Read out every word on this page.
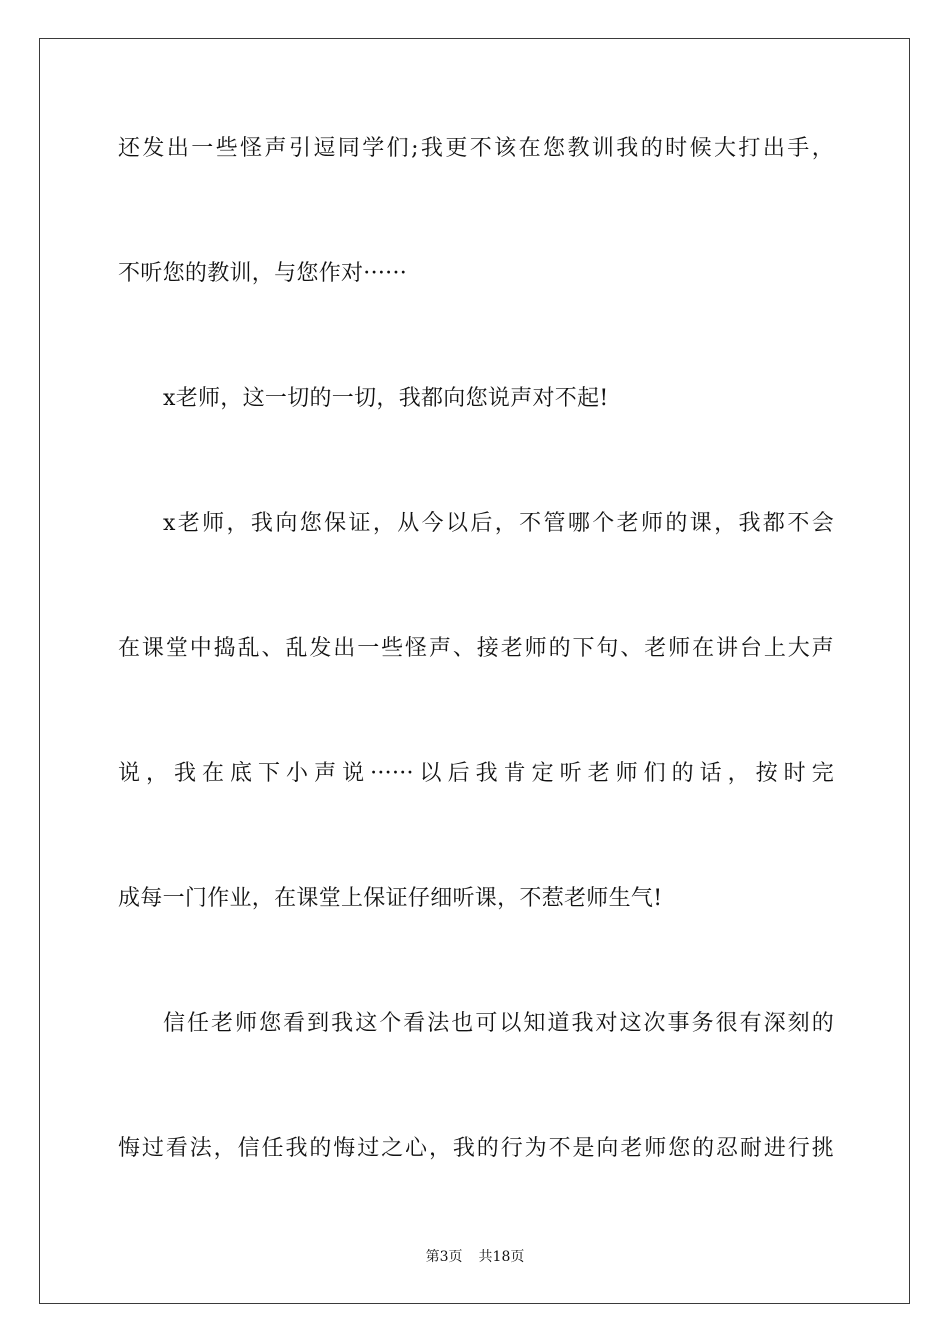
还发出一些怪声引逗同学们;我更不该在您教训我的时候大打出手，
不听您的教训，与您作对······
x老师，这一切的一切，我都向您说声对不起!
x老师，我向您保证，从今以后，不管哪个老师的课，我都不会
在课堂中捣乱、乱发出一些怪声、接老师的下句、老师在讲台上大声
说，我在底下小声说······以后我肯定听老师们的话，按时完
成每一门作业，在课堂上保证仔细听课，不惹老师生气!
信任老师您看到我这个看法也可以知道我对这次事务很有深刻的
悔过看法，信任我的悔过之心，我的行为不是向老师您的忍耐进行挑
第3页 共18页
